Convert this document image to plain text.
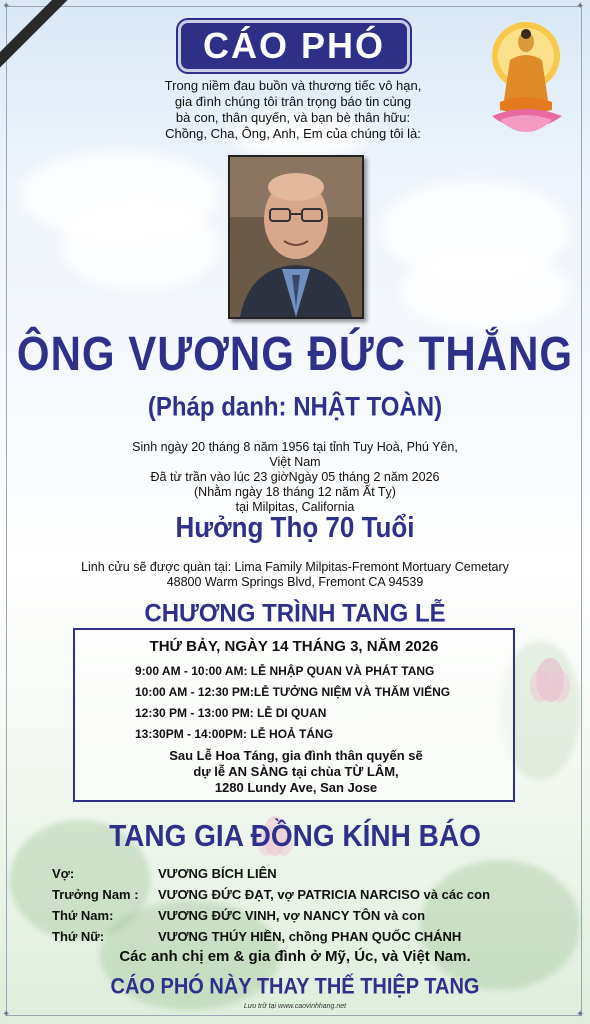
✦	✦
✦	✦
CÁO PHÓ
Trong niềm đau buồn và thương tiếc vô hạn,
gia đình chúng tôi trân trọng báo tin cùng
bà con, thân quyến, và bạn bè thân hữu:
Chồng, Cha, Ông, Anh, Em của chúng tôi là:
ÔNG VƯƠNG ĐỨC THẮNG
(Pháp danh: NHẬT TOÀN)
Sinh ngày 20 tháng 8 năm 1956 tại tỉnh Tuy Hoà, Phú Yên, Việt Nam
Đã từ trần vào lúc 23 giờNgày 05 tháng 2 năm 2026
(Nhằm ngày 18 tháng 12 năm Ất Tỵ)
tại Milpitas, California
Hưởng Thọ 70 Tuổi
Linh cửu sẽ được quàn tại: Lima Family Milpitas-Fremont Mortuary Cemetary
48800 Warm Springs Blvd, Fremont CA 94539
CHƯƠNG TRÌNH TANG LỄ
THỨ BẢY, NGÀY 14 THÁNG 3, NĂM 2026
9:00 AM - 10:00 AM: LỄ NHẬP QUAN VÀ PHÁT TANG
10:00 AM - 12:30 PM:LỄ TƯỞNG NIỆM VÀ THĂM VIẾNG
12:30 PM - 13:00 PM: LỄ DI QUAN
13:30PM - 14:00PM: LỄ HOẢ TÁNG
Sau Lễ Hoa Táng, gia đình thân quyến sẽ
dự lễ AN SÀNG tại chùa TỪ LÂM,
1280 Lundy Ave, San Jose
TANG GIA ĐỒNG KÍNH BÁO
Vợ:	VƯƠNG BÍCH LIÊN
Trưởng Nam : VƯƠNG ĐỨC ĐẠT, vợ PATRICIA NARCISO và các con
Thứ Nam:	VƯƠNG ĐỨC VINH, vợ NANCY TÔN và con
Thứ Nữ:	VƯƠNG THÚY HIỀN, chồng PHAN QUỐC CHÁNH
Các anh chị em & gia đình ở Mỹ, Úc, và Việt Nam.
CÁO PHÓ NÀY THAY THẾ THIỆP TANG
Lưu trữ tại www.caovinhhang.net
